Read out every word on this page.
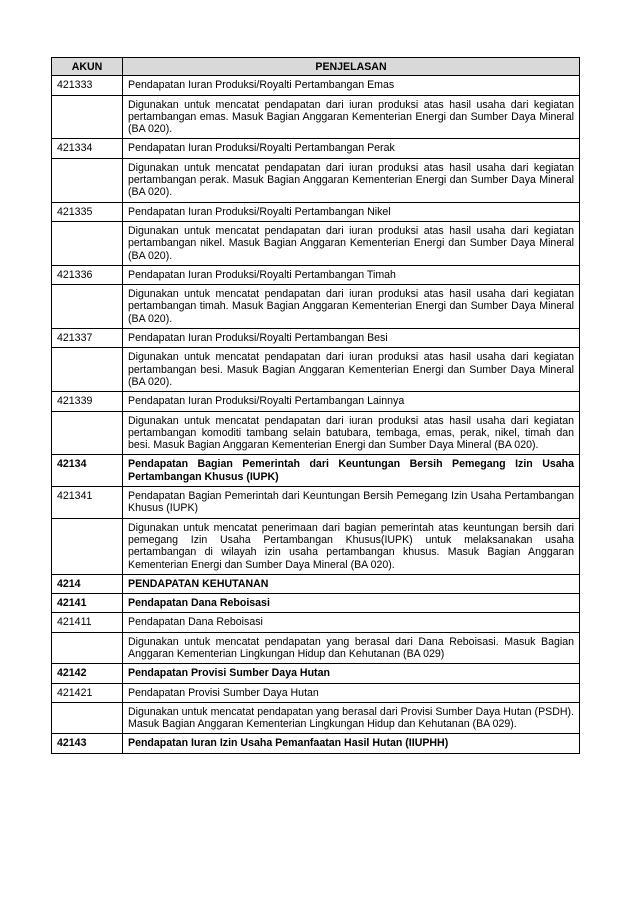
AKUN	PENJELASAN
421333	Pendapatan Iuran Produksi/Royalti Pertambangan Emas
	Digunakan untuk mencatat pendapatan dari iuran produksi atas hasil usaha dari kegiatan pertambangan emas. Masuk Bagian Anggaran Kementerian Energi dan Sumber Daya Mineral (BA 020).
421334	Pendapatan Iuran Produksi/Royalti Pertambangan Perak
	Digunakan untuk mencatat pendapatan dari iuran produksi atas hasil usaha dari kegiatan pertambangan perak. Masuk Bagian Anggaran Kementerian Energi dan Sumber Daya Mineral (BA 020).
421335	Pendapatan Iuran Produksi/Royalti Pertambangan Nikel
	Digunakan untuk mencatat pendapatan dari iuran produksi atas hasil usaha dari kegiatan pertambangan nikel. Masuk Bagian Anggaran Kementerian Energi dan Sumber Daya Mineral (BA 020).
421336	Pendapatan Iuran Produksi/Royalti Pertambangan Timah
	Digunakan untuk mencatat pendapatan dari iuran produksi atas hasil usaha dari kegiatan pertambangan timah. Masuk Bagian Anggaran Kementerian Energi dan Sumber Daya Mineral (BA 020).
421337	Pendapatan Iuran Produksi/Royalti Pertambangan Besi
	Digunakan untuk mencatat pendapatan dari iuran produksi atas hasil usaha dari kegiatan pertambangan besi. Masuk Bagian Anggaran Kementerian Energi dan Sumber Daya Mineral (BA 020).
421339	Pendapatan Iuran Produksi/Royalti Pertambangan Lainnya
	Digunakan untuk mencatat pendapatan dari iuran produksi atas hasil usaha dari kegiatan pertambangan komoditi tambang selain batubara, tembaga, emas, perak, nikel, timah dan besi. Masuk Bagian Anggaran Kementerian Energi dan Sumber Daya Mineral (BA 020).
42134	Pendapatan Bagian Pemerintah dari Keuntungan Bersih Pemegang Izin Usaha Pertambangan Khusus (IUPK)
421341	Pendapatan Bagian Pemerintah dari Keuntungan Bersih Pemegang Izin Usaha Pertambangan Khusus (IUPK)
	Digunakan untuk mencatat penerimaan dari bagian pemerintah atas keuntungan bersih dari pemegang Izin Usaha Pertambangan Khusus(IUPK) untuk melaksanakan usaha pertambangan di wilayah izin usaha pertambangan khusus. Masuk Bagian Anggaran Kementerian Energi dan Sumber Daya Mineral (BA 020).
4214	PENDAPATAN KEHUTANAN
42141	Pendapatan Dana Reboisasi
421411	Pendapatan Dana Reboisasi
	Digunakan untuk mencatat pendapatan yang berasal dari Dana Reboisasi. Masuk Bagian Anggaran Kementerian Lingkungan Hidup dan Kehutanan (BA 029)
42142	Pendapatan Provisi Sumber Daya Hutan
421421	Pendapatan Provisi Sumber Daya Hutan
	Digunakan untuk mencatat pendapatan yang berasal dari Provisi Sumber Daya Hutan (PSDH). Masuk Bagian Anggaran Kementerian Lingkungan Hidup dan Kehutanan (BA 029).
42143	Pendapatan Iuran Izin Usaha Pemanfaatan Hasil Hutan (IIUPHH)
